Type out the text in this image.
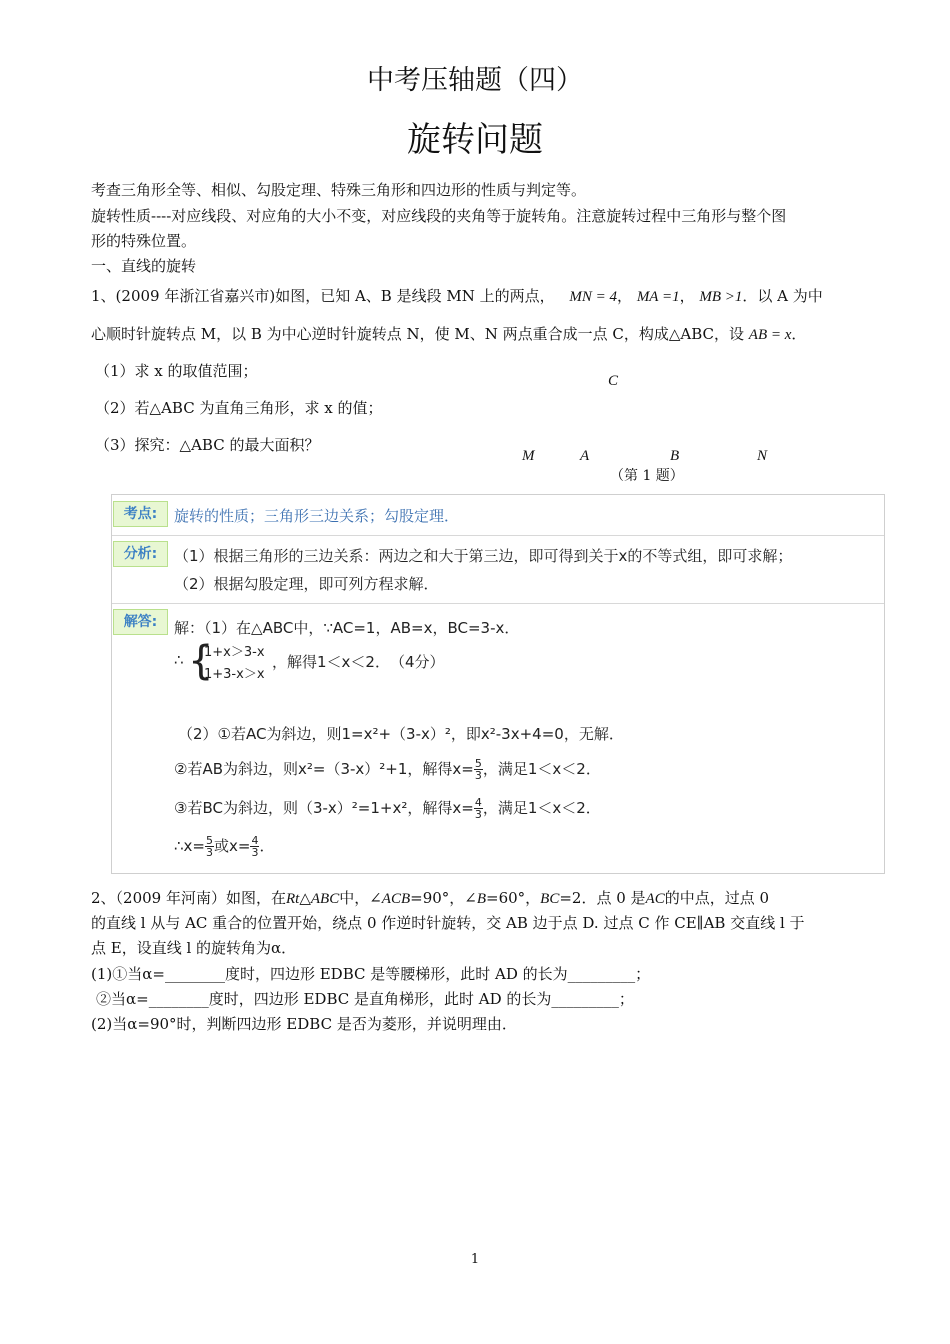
中考压轴题（四）
旋转问题
考查三角形全等、相似、勾股定理、特殊三角形和四边形的性质与判定等。
旋转性质----对应线段、对应角的大小不变，对应线段的夹角等于旋转角。注意旋转过程中三角形与整个图
形的特殊位置。
一、直线的旋转
1、(2009 年浙江省嘉兴市)如图，已知 A、B 是线段 MN 上的两点， MN = 4， MA =1， MB >1．以 A 为中
心顺时针旋转点 M，以 B 为中心逆时针旋转点 N，使 M、N 两点重合成一点 C，构成△ABC，设 AB = x．
（1）求 x 的取值范围；
（2）若△ABC 为直角三角形，求 x 的值；
（3）探究：△ABC 的最大面积？
C
M	A	B	N
（第 1 题）
考点:	旋转的性质；三角形三边关系；勾股定理．
分析:	（1）根据三角形的三边关系：两边之和大于第三边，即可得到关于x的不等式组，即可求解；
（2）根据勾股定理，即可列方程求解．
解答:	解：（1）在△ABC中，∵AC=1，AB=x，BC=3-x．
∴ {
1+x＞3-x
1+3-x＞x
，解得1＜x＜2．　（4分）
（2）①若AC为斜边，则1=x²+（3-x）²，即x²-3x+4=0，无解．
②若AB为斜边，则x²=（3-x）²+1，解得$x= \frac{5}{3}$ ，满足1＜x＜2．
③若BC为斜边，则（3-x）²=1+x²，解得$x= \frac{4}{3}$ ，满足1＜x＜2．
∴x= $\frac{5}{3}$ 或$x= \frac{4}{3}$ ．
2、（2009 年河南）如图，在Rt△ABC中，∠ACB=90°，∠B=60°，BC=2．点 0 是AC的中点，过点 0
的直线 l 从与 AC 重合的位置开始，绕点 0 作逆时针旋转，交 AB 边于点 D. 过点 C 作 CE∥AB 交直线 l 于
点 E，设直线 l 的旋转角为α．
(1)①当α=________度时，四边形 EDBC 是等腰梯形，此时 AD 的长为_________；
②当α=________度时，四边形 EDBC 是直角梯形，此时 AD 的长为_________；
(2)当α=90°时，判断四边形 EDBC 是否为菱形，并说明理由．
1
